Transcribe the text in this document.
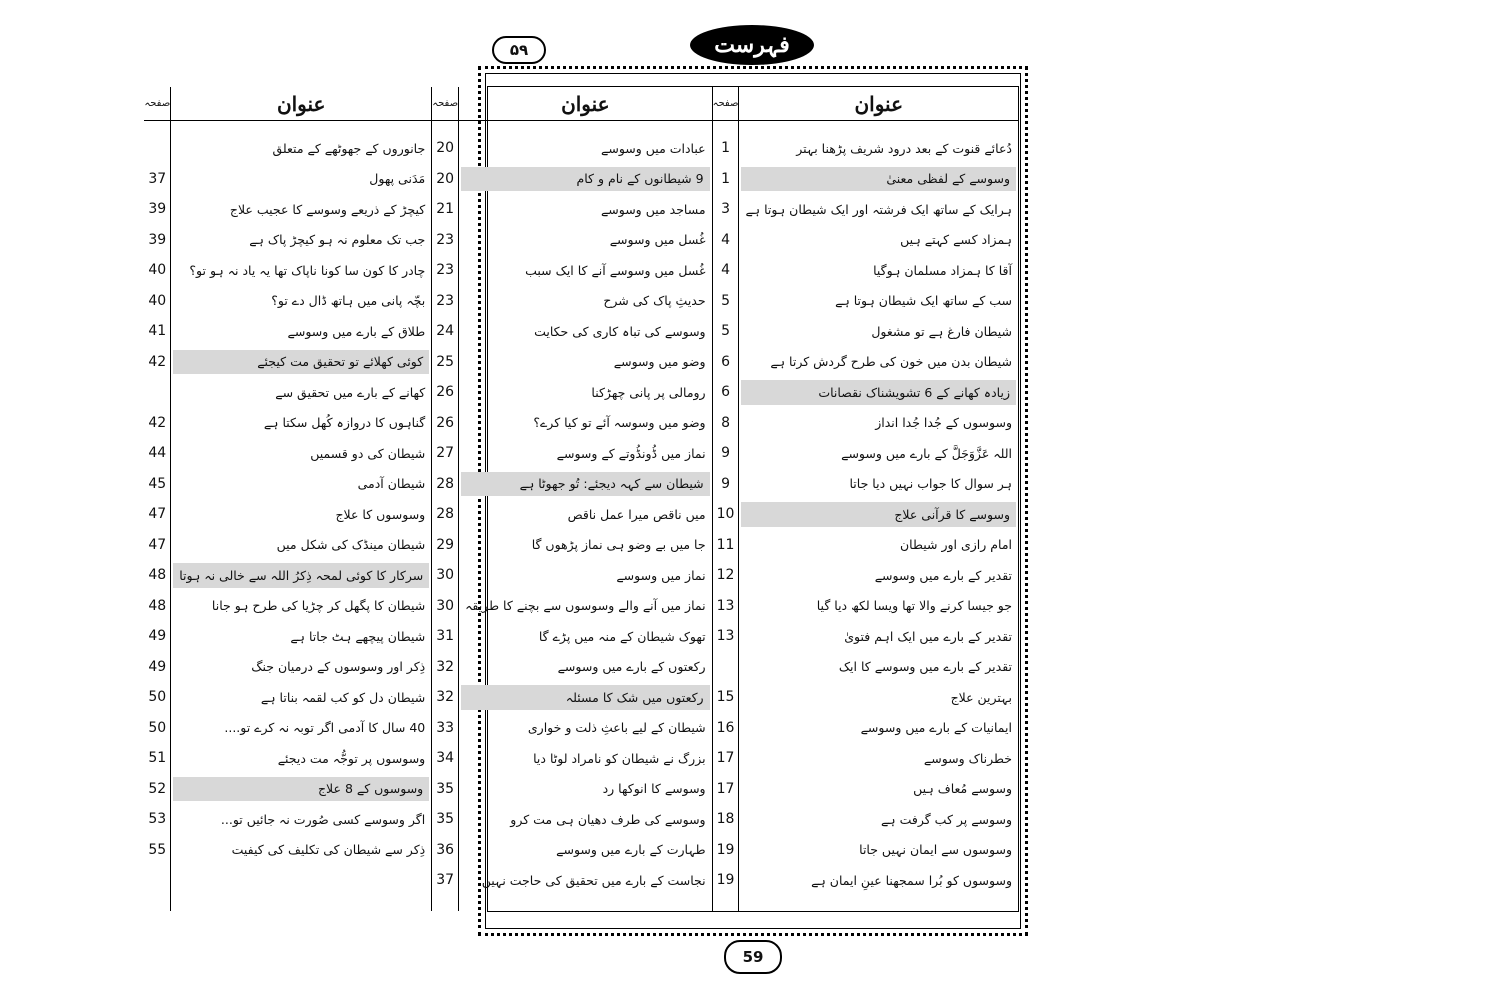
۵۹	فہرست
عنوان
دُعائے قنوت کے بعد درود شریف پڑھنا بہتر
وسوسے کے لفظی معنیٰ
ہرایک کے ساتھ ایک فرشتہ اور ایک شیطان ہوتا ہے
ہمزاد کسے کہتے ہیں
آقا کا ہمزاد مسلمان ہوگیا
سب کے ساتھ ایک شیطان ہوتا ہے
شیطان فارغ ہے تو مشغول
شیطان بدن میں خون کی طرح گردش کرتا ہے
زیادہ کھانے کے 6 تشویشناک نقصانات
وسوسوں کے جُدا جُدا انداز
اللہ عَزَّوَجَلَّ کے بارے میں وسوسے
ہر سوال کا جواب نہیں دیا جاتا
وسوسے کا قرآنی علاج
امام رازی اور شیطان
تقدیر کے بارے میں وسوسے
جو جیسا کرنے والا تھا ویسا لکھ دیا گیا
تقدیر کے بارے میں ایک اہم فتویٰ
تقدیر کے بارے میں وسوسے کا ایک
بہترین علاج
ایمانیات کے بارے میں وسوسے
خطرناک وسوسے
وسوسے مُعاف ہیں
وسوسے پر کب گرفت ہے
وسوسوں سے ایمان نہیں جاتا
وسوسوں کو بُرا سمجھنا عینِ ایمان ہے
صفحہ
1
1
3
4
4
5
5
6
6
8
9
9
10
11
12
13
13
15
16
17
17
18
19
19
عنوان
عبادات میں وسوسے
9 شیطانوں کے نام و کام
مساجد میں وسوسے
غُسل میں وسوسے
غُسل میں وسوسے آنے کا ایک سبب
حدیثِ پاک کی شرح
وسوسے کی تباہ کاری کی حکایت
وضو میں وسوسے
رومالی پر پانی چھڑکنا
وضو میں وسوسہ آئے تو کیا کرے؟
نماز میں ڈُونڈُوتے کے وسوسے
شیطان سے کہہ دیجئے: تُو جھوٹا ہے
میں ناقص میرا عمل ناقص
جا میں بے وضو ہی نماز پڑھوں گا
نماز میں وسوسے
نماز میں آنے والے وسوسوں سے بچنے کا طریقہ
تھوک شیطان کے منہ میں پڑے گا
رکعتوں کے بارے میں وسوسے
رکعتوں میں شک کا مسئلہ
شیطان کے لیے باعثِ ذلت و خواری
بزرگ نے شیطان کو نامراد لوٹا دیا
وسوسے کا انوکھا رد
وسوسے کی طرف دھیان ہی مت کرو
طہارت کے بارے میں وسوسے
نجاست کے بارے میں تحقیق کی حاجت نہیں
صفحہ
20
20
21
23
23
23
24
25
26
26
27
28
28
29
30
30
31
32
32
33
34
35
35
36
37
عنوان
جانوروں کے جھوٹھے کے متعلق
مَدَنی پھول
کیچڑ کے ذریعے وسوسے کا عجیب علاج
جب تک معلوم نہ ہو کیچڑ پاک ہے
چادر کا کون سا کونا ناپاک تھا یہ یاد نہ ہو تو؟
بچّہ پانی میں ہاتھ ڈال دے تو؟
طلاق کے بارے میں وسوسے
کوئی کھلائے تو تحقیق مت کیجئے
کھانے کے بارے میں تحقیق سے
گناہوں کا دروازہ کُھل سکتا ہے
شیطان کی دو قسمیں
شیطان آدمی
وسوسوں کا علاج
شیطان مینڈک کی شکل میں
سرکار کا کوئی لمحہ ذِکرُ اللہ سے خالی نہ ہوتا
شیطان کا پگھل کر چڑیا کی طرح ہو جانا
شیطان پیچھے ہٹ جاتا ہے
ذِکر اور وسوسوں کے درمیان جنگ
شیطان دل کو کب لقمہ بناتا ہے
40 سال کا آدمی اگر توبہ نہ کرے تو....
وسوسوں پر توجُّہ مت دیجئے
وسوسوں کے 8 علاج
اگر وسوسے کسی صُورت نہ جائیں تو...
ذِکر سے شیطان کی تکلیف کی کیفیت
صفحہ
37
39
39
40
40
41
42
42
44
45
47
47
48
48
49
49
50
50
51
52
53
55
59
